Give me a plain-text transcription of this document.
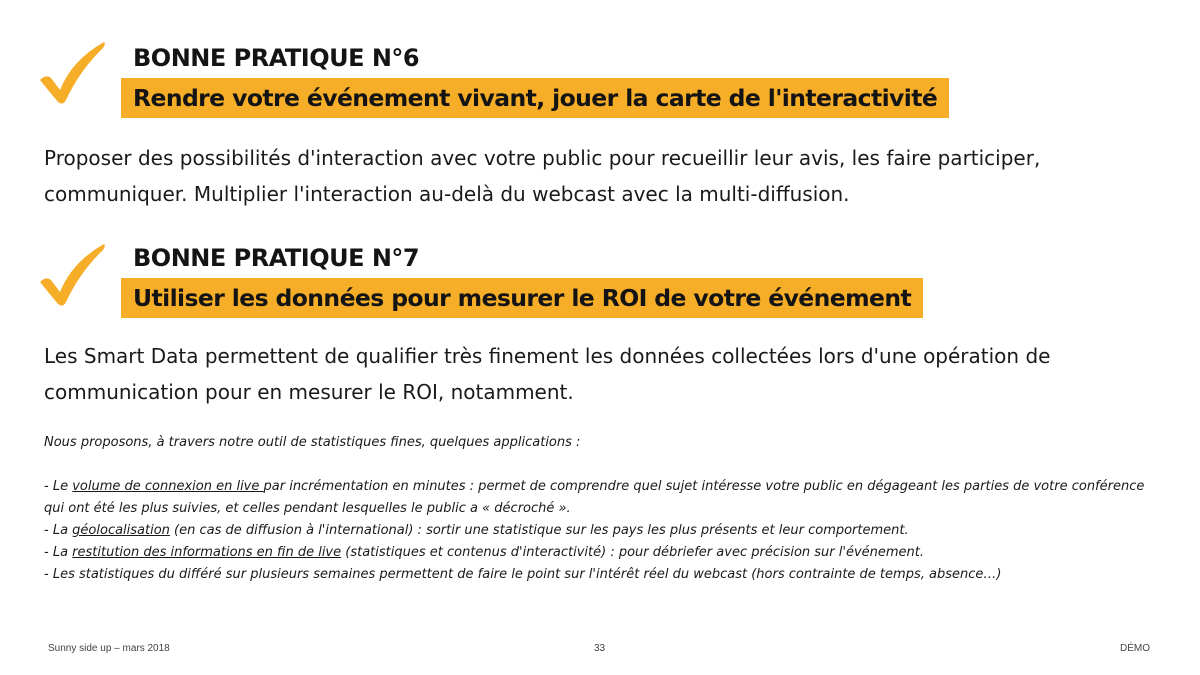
BONNE PRATIQUE N°6
Rendre votre événement vivant, jouer la carte de l'interactivité

Proposer des possibilités d'interaction avec votre public pour recueillir leur avis, les faire participer, communiquer. Multiplier l'interaction au-delà du webcast avec la multi-diffusion.

BONNE PRATIQUE N°7
Utiliser les données pour mesurer le ROI de votre événement

Les Smart Data permettent de qualifier très finement les données collectées lors d'une opération de communication pour en mesurer le ROI, notamment.

Nous proposons, à travers notre outil de statistiques fines, quelques applications :

- Le volume de connexion en live par incrémentation en minutes : permet de comprendre quel sujet intéresse votre public en dégageant les parties de votre conférence qui ont été les plus suivies, et celles pendant lesquelles le public a « décroché ».

- La géolocalisation (en cas de diffusion à l'international) : sortir une statistique sur les pays les plus présents et leur comportement.

- La restitution des informations en fin de live (statistiques et contenus d'interactivité) : pour débriefer avec précision sur l'événement.

- Les statistiques du différé sur plusieurs semaines permettent de faire le point sur l'intérêt réel du webcast (hors contrainte de temps, absence…)

Sunny side up – mars 2018	33	DÉMO
